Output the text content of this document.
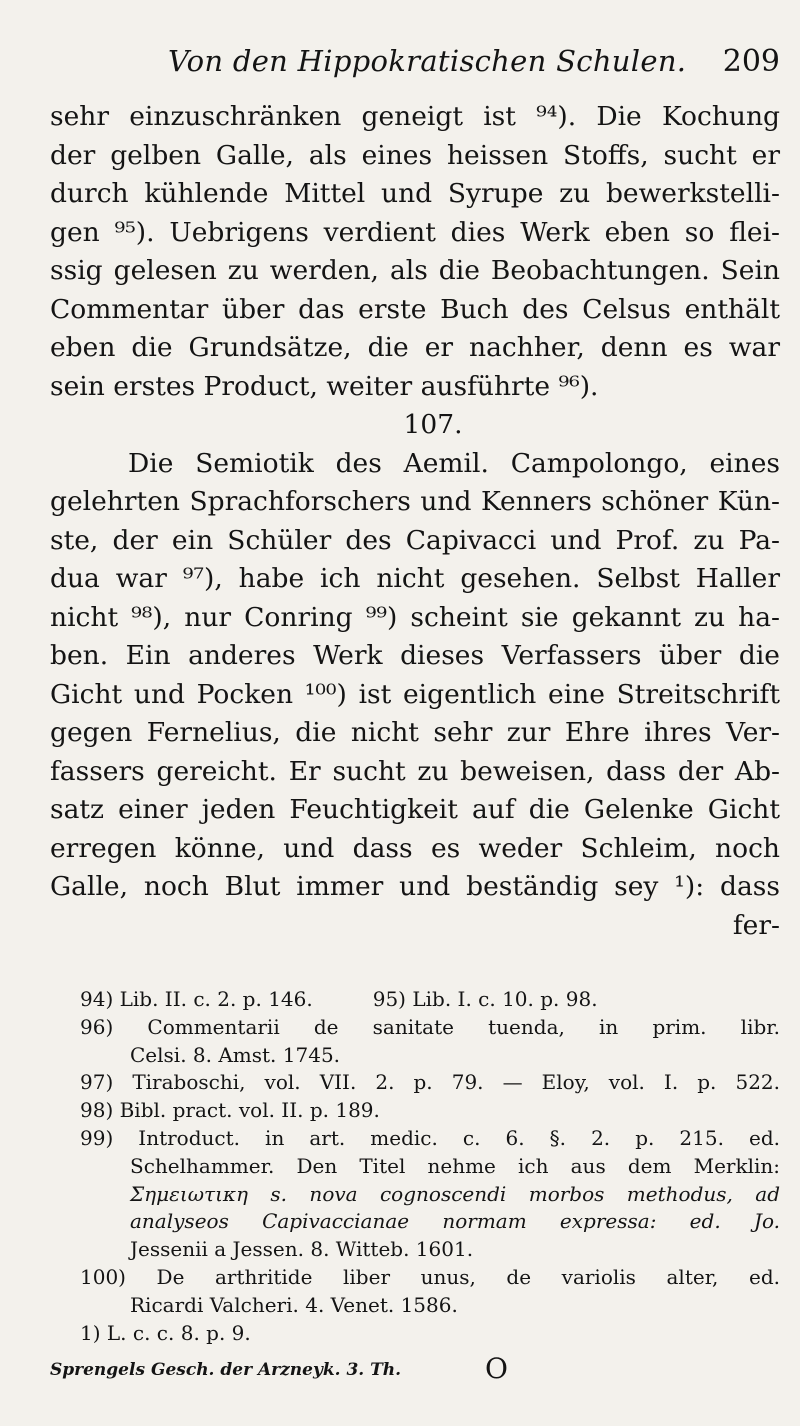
Von den Hippokratischen Schulen. 209
sehr einzuschränken geneigt ist ⁹⁴). Die Kochung
der gelben Galle, als eines heissen Stoffs, sucht er
durch kühlende Mittel und Syrupe zu bewerkstelli-
gen ⁹⁵). Uebrigens verdient dies Werk eben so flei-
ssig gelesen zu werden, als die Beobachtungen. Sein
Commentar über das erste Buch des Celsus enthält
eben die Grundsätze, die er nachher, denn es war
sein erstes Product, weiter ausführte ⁹⁶).
107.
Die Semiotik des Aemil. Campolongo, eines
gelehrten Sprachforschers und Kenners schöner Kün-
ste, der ein Schüler des Capivacci und Prof. zu Pa-
dua war ⁹⁷), habe ich nicht gesehen. Selbst Haller
nicht ⁹⁸), nur Conring ⁹⁹) scheint sie gekannt zu ha-
ben. Ein anderes Werk dieses Verfassers über die
Gicht und Pocken ¹⁰⁰) ist eigentlich eine Streitschrift
gegen Fernelius, die nicht sehr zur Ehre ihres Ver-
fassers gereicht. Er sucht zu beweisen, dass der Ab-
satz einer jeden Feuchtigkeit auf die Gelenke Gicht
erregen könne, und dass es weder Schleim, noch
Galle, noch Blut immer und beständig sey ¹): dass
fer-
94) Lib. II. c. 2. p. 146.	95) Lib. I. c. 10. p. 98.
96) Commentarii de sanitate tuenda, in prim. libr.
Celsi. 8. Amst. 1745.
97) Tiraboschi, vol. VII. 2. p. 79. — Eloy, vol. I. p. 522.
98) Bibl. pract. vol. II. p. 189.
99) Introduct. in art. medic. c. 6. §. 2. p. 215. ed.
Schelhammer. Den Titel nehme ich aus dem Merklin:
Σημειωτικη s. nova cognoscendi morbos methodus, ad
analyseos Capivaccianae normam expressa: ed. Jo.
Jessenii a Jessen. 8. Witteb. 1601.
100) De arthritide liber unus, de variolis alter, ed.
Ricardi Valcheri. 4. Venet. 1586.
1) L. c. c. 8. p. 9.
Sprengels Gesch. der Arzneyk. 3. Th.	O
